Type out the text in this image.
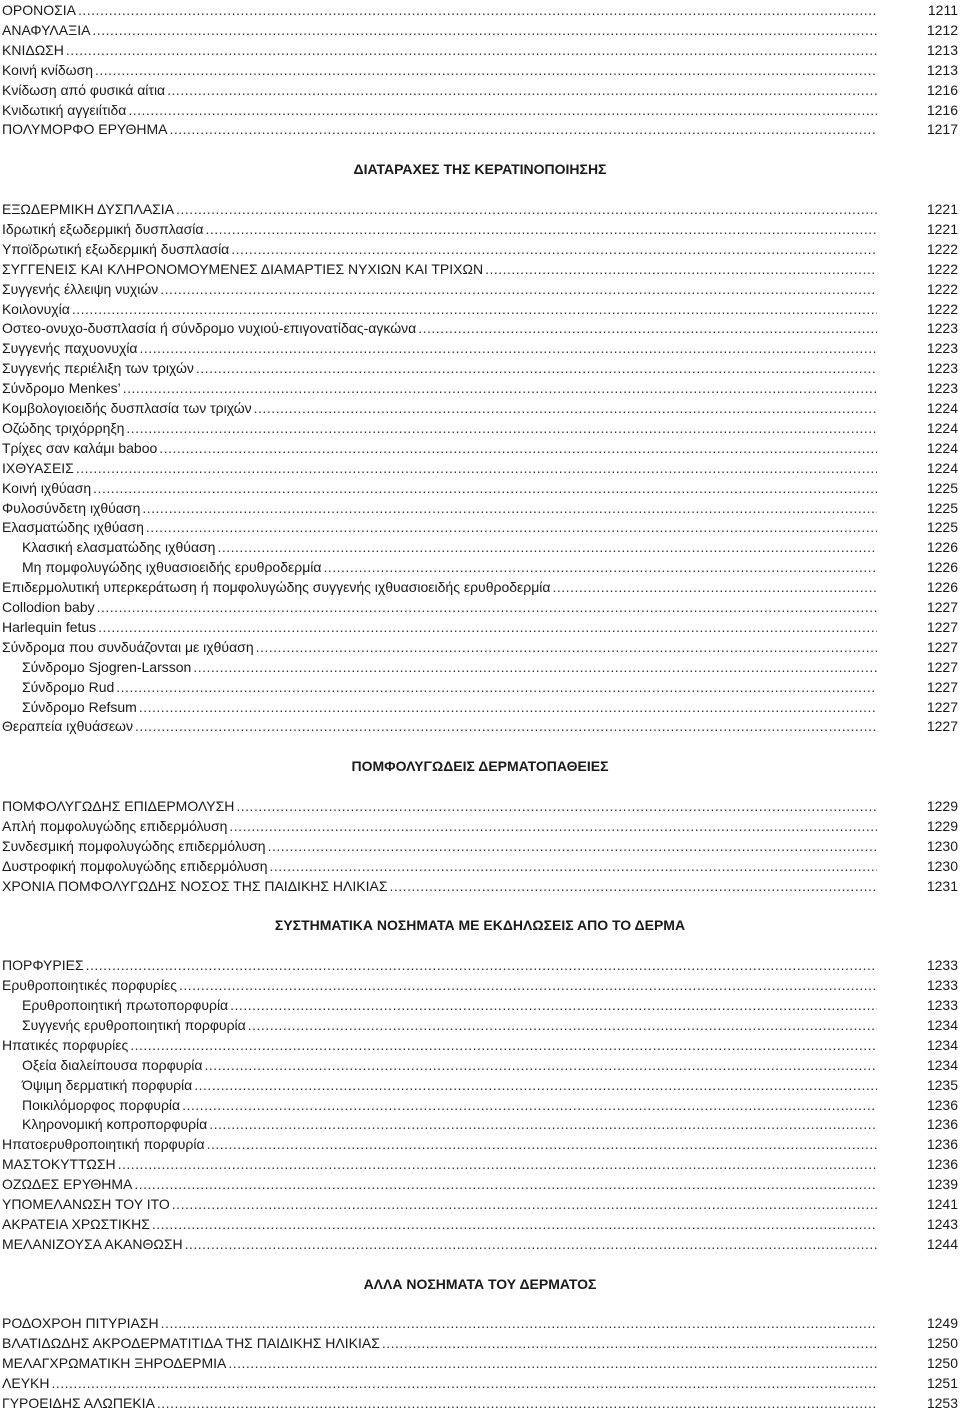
ΟΡΟΝΟΣΙΑ .....	1211
ΑΝΑΦΥΛΑΞΙΑ .....	1212
ΚΝΙΔΩΣΗ .....	1213
Κοινή κνίδωση .....	1213
Κνίδωση από φυσικά αίτια .....	1216
Κνιδωτική αγγειίτιδα .....	1216
ΠΟΛΥΜΟΡΦΟ ΕΡΥΘΗΜΑ .....	1217
ΔΙΑΤΑΡΑΧΕΣ ΤΗΣ ΚΕΡΑΤΙΝΟΠΟΙΗΣΗΣ
ΕΞΩΔΕΡΜΙΚΗ ΔΥΣΠΛΑΣΙΑ .....	1221
Ιδρωτική εξωδερμική δυσπλασία .....	1221
Υποϊδρωτική εξωδερμική δυσπλασία .....	1222
ΣΥΓΓΕΝΕΙΣ ΚΑΙ ΚΛΗΡΟΝΟΜΟΥΜΕΝΕΣ ΔΙΑΜΑΡΤΙΕΣ ΝΥΧΙΩΝ ΚΑΙ ΤΡΙΧΩΝ .....	1222
Συγγενής έλλειψη νυχιών .....	1222
Κοιλονυχία .....	1222
Οστεο-ονυχο-δυσπλασία ή σύνδρομο νυχιού-επιγονατίδας-αγκώνα .....	1223
Συγγενής παχυονυχία .....	1223
Συγγενής περιέλιξη των τριχών .....	1223
Σύνδρομο Menkes’ .....	1223
Κομβολογιοειδής δυσπλασία των τριχών .....	1224
Οζώδης τριχόρρηξη .....	1224
Τρίχες σαν καλάμι baboo .....	1224
ΙΧΘΥΑΣΕΙΣ .....	1224
Κοινή ιχθύαση .....	1225
Φυλοσύνδετη ιχθύαση .....	1225
Ελασματώδης ιχθύαση .....	1225
Κλασική ελασματώδης ιχθύαση .....	1226
Μη πομφολυγώδης ιχθυασιοειδής ερυθροδερμία .....	1226
Επιδερμολυτική υπερκεράτωση ή πομφολυγώδης συγγενής ιχθυασιοειδής ερυθροδερμία .....	1226
Collodion baby .....	1227
Harlequin fetus .....	1227
Σύνδρομα που συνδυάζονται με ιχθύαση .....	1227
Σύνδρομο Sjogren-Larsson .....	1227
Σύνδρομο Rud .....	1227
Σύνδρομο Refsum .....	1227
Θεραπεία ιχθυάσεων .....	1227
ΠΟΜΦΟΛΥΓΩΔΕΙΣ ΔΕΡΜΑΤΟΠΑΘΕΙΕΣ
ΠΟΜΦΟΛΥΓΩΔΗΣ ΕΠΙΔΕΡΜΟΛΥΣΗ .....	1229
Απλή πομφολυγώδης επιδερμόλυση .....	1229
Συνδεσμική πομφολυγώδης επιδερμόλυση .....	1230
Δυστροφική πομφολυγώδης επιδερμόλυση .....	1230
ΧΡΟΝΙΑ ΠΟΜΦΟΛΥΓΩΔΗΣ ΝΟΣΟΣ ΤΗΣ ΠΑΙΔΙΚΗΣ ΗΛΙΚΙΑΣ .....	1231
ΣΥΣΤΗΜΑΤΙΚΑ ΝΟΣΗΜΑΤΑ ΜΕ ΕΚΔΗΛΩΣΕΙΣ ΑΠΟ ΤΟ ΔΕΡΜΑ
ΠΟΡΦΥΡΙΕΣ .....	1233
Ερυθροποιητικές πορφυρίες .....	1233
Ερυθροποιητική πρωτοπορφυρία .....	1233
Συγγενής ερυθροποιητική πορφυρία .....	1234
Ηπατικές πορφυρίες .....	1234
Οξεία διαλείπουσα πορφυρία .....	1234
Όψιμη δερματική πορφυρία .....	1235
Ποικιλόμορφος πορφυρία .....	1236
Κληρονομική κοπροπορφυρία .....	1236
Ηπατοερυθροποιητική πορφυρία .....	1236
ΜΑΣΤΟΚΥΤΤΩΣΗ .....	1236
ΟΖΩΔΕΣ ΕΡΥΘΗΜΑ .....	1239
ΥΠΟΜΕΛΑΝΩΣΗ ΤΟΥ ΙΤΟ .....	1241
ΑΚΡΑΤΕΙΑ ΧΡΩΣΤΙΚΗΣ .....	1243
ΜΕΛΑΝΙΖΟΥΣΑ ΑΚΑΝΘΩΣΗ .....	1244
ΑΛΛΑ ΝΟΣΗΜΑΤΑ ΤΟΥ ΔΕΡΜΑΤΟΣ
ΡΟΔΟΧΡΟΗ ΠΙΤΥΡΙΑΣΗ .....	1249
ΒΛΑΤΙΔΩΔΗΣ ΑΚΡΟΔΕΡΜΑΤΙΤΙΔΑ ΤΗΣ ΠΑΙΔΙΚΗΣ ΗΛΙΚΙΑΣ .....	1250
ΜΕΛΑΓΧΡΩΜΑΤΙΚΗ ΞΗΡΟΔΕΡΜΙΑ .....	1250
ΛΕΥΚΗ .....	1251
ΓΥΡΟΕΙΔΗΣ ΑΛΩΠΕΚΙΑ .....	1253
